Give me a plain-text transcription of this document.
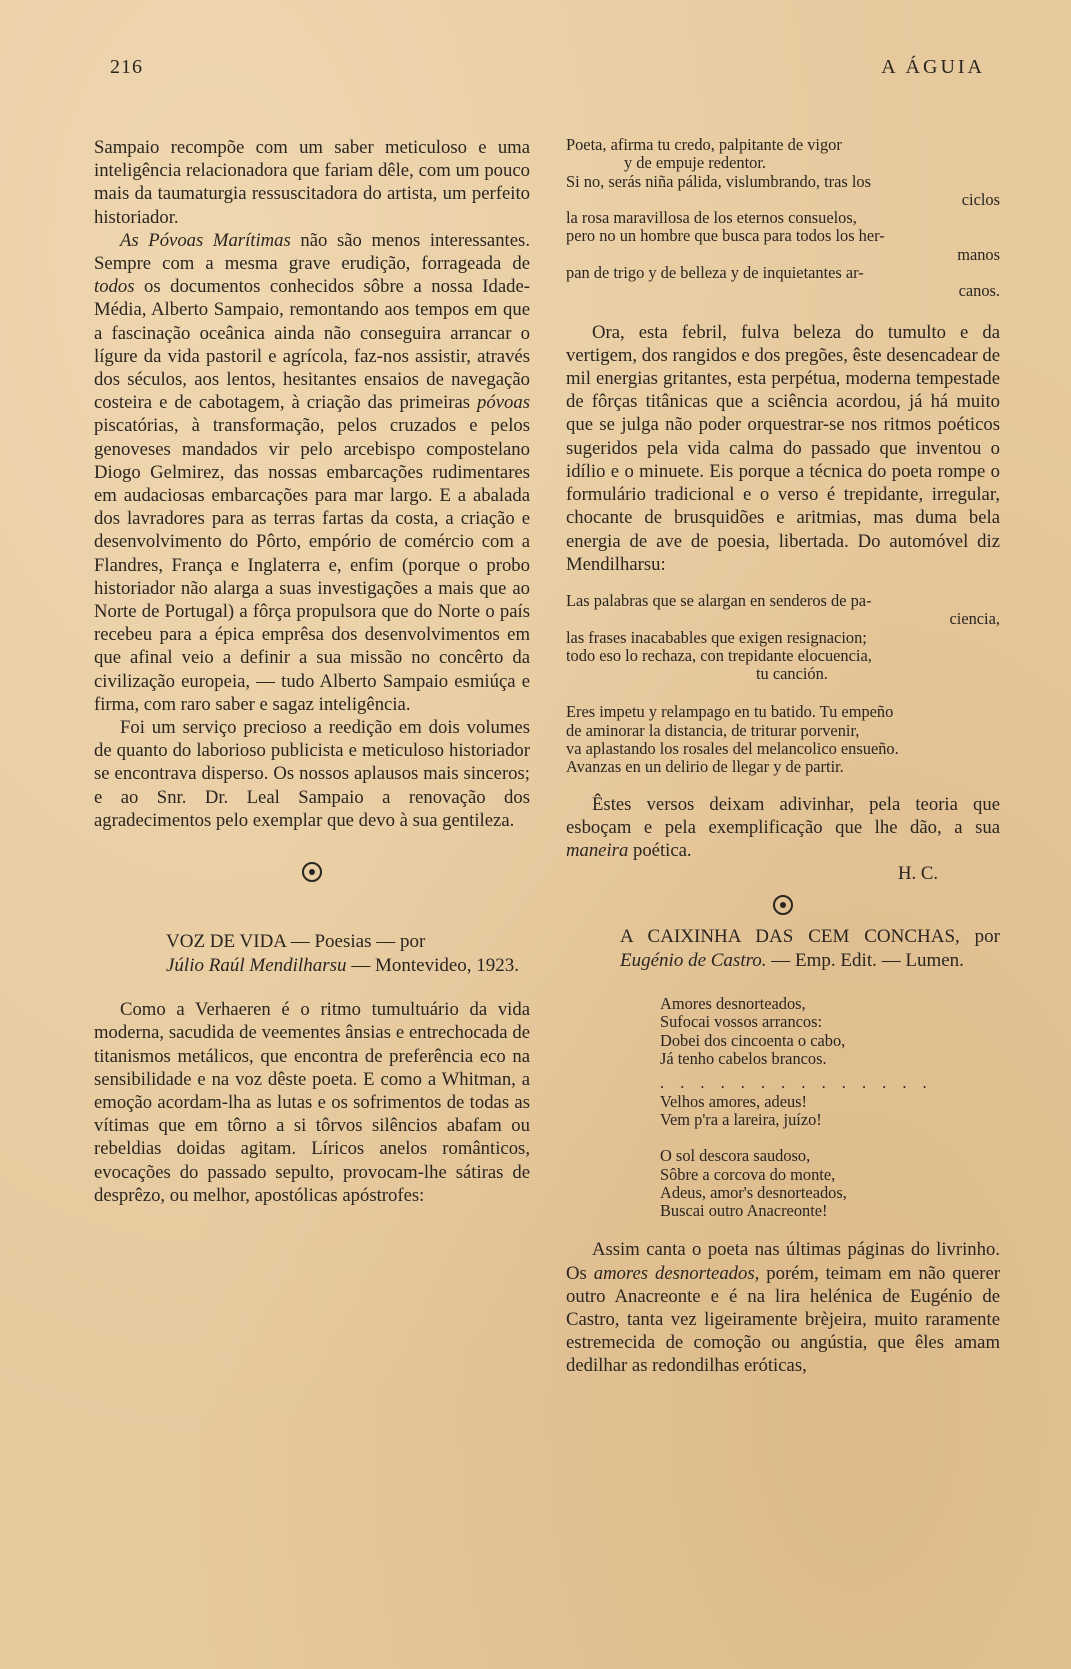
216	A ÁGUIA

Sampaio recompõe com um saber meticuloso e uma inteligência relacionadora que fariam dêle, com um pouco mais da taumaturgia ressuscitadora do artista, um perfeito historiador.

As Póvoas Marítimas não são menos interessantes. Sempre com a mesma grave erudição, forrageada de todos os documentos conhecidos sôbre a nossa Idade-Média, Alberto Sampaio, remontando aos tempos em que a fascinação oceânica ainda não conseguira arrancar o lígure da vida pastoril e agrícola, faz-nos assistir, através dos séculos, aos lentos, hesitantes ensaios de navegação costeira e de cabotagem, à criação das primeiras póvoas piscatórias, à transformação, pelos cruzados e pelos genoveses mandados vir pelo arcebispo compostelano Diogo Gelmirez, das nossas embarcações rudimentares em audaciosas embarcações para mar largo. E a abalada dos lavradores para as terras fartas da costa, a criação e desenvolvimento do Pôrto, empório de comércio com a Flandres, França e Inglaterra e, enfim (porque o probo historiador não alarga a suas investigações a mais que ao Norte de Portugal) a fôrça propulsora que do Norte o país recebeu para a épica emprêsa dos desenvolvimentos em que afinal veio a definir a sua missão no concêrto da civilização europeia, — tudo Alberto Sampaio esmiúça e firma, com raro saber e sagaz inteligência.

Foi um serviço precioso a reedição em dois volumes de quanto do laborioso publicista e meticuloso historiador se encontrava disperso. Os nossos aplausos mais sinceros; e ao Snr. Dr. Leal Sampaio a renovação dos agradecimentos pelo exemplar que devo à sua gentileza.

VOZ DE VIDA — Poesias — por

Júlio Raúl Mendilharsu — Montevideo, 1923.

Como a Verhaeren é o ritmo tumultuário da vida moderna, sacudida de veementes ânsias e entrechocada de titanismos metálicos, que encontra de preferência eco na sensibilidade e na voz dêste poeta. E como a Whitman, a emoção acordam-lha as lutas e os sofrimentos de todas as vítimas que em tôrno a si tôrvos silêncios abafam ou rebeldias doidas agitam. Líricos anelos românticos, evocações do passado sepulto, provocam-lhe sátiras de desprêzo, ou melhor, apostólicas apóstrofes:

Poeta, afirma tu credo, palpitante de vigor
y de empuje redentor.
Si no, serás niña pálida, vislumbrando, tras los
ciclos
la rosa maravillosa de los eternos consuelos,
pero no un hombre que busca para todos los her-
manos
pan de trigo y de belleza y de inquietantes ar-
canos.

Ora, esta febril, fulva beleza do tumulto e da vertigem, dos rangidos e dos pregões, êste desencadear de mil energias gritantes, esta perpétua, moderna tempestade de fôrças titânicas que a sciência acordou, já há muito que se julga não poder orquestrar-se nos ritmos poéticos sugeridos pela vida calma do passado que inventou o idílio e o minuete. Eis porque a técnica do poeta rompe o formulário tradicional e o verso é trepidante, irregular, chocante de brusquidões e aritmias, mas duma bela energia de ave de poesia, libertada. Do automóvel diz Mendilharsu:

Las palabras que se alargan en senderos de pa-
ciencia,
las frases inacabables que exigen resignacion;
todo eso lo rechaza, con trepidante elocuencia,
tu canción.
Eres impetu y relampago en tu batido. Tu empeño
de aminorar la distancia, de triturar porvenir,
va aplastando los rosales del melancolico ensueño.
Avanzas en un delirio de llegar y de partir.

Êstes versos deixam adivinhar, pela teoria que esboçam e pela exemplificação que lhe dão, a sua maneira poética.

H. C.

A CAIXINHA DAS CEM CONCHAS, por Eugénio de Castro. — Emp. Edit. — Lumen.

Amores desnorteados,
Sufocai vossos arrancos:
Dobei dos cincoenta o cabo,
Já tenho cabelos brancos.
. . . . . . . . . . . . . .
Velhos amores, adeus!
Vem p'ra a lareira, juízo!
O sol descora saudoso,
Sôbre a corcova do monte,
Adeus, amor's desnorteados,
Buscai outro Anacreonte!

Assim canta o poeta nas últimas páginas do livrinho. Os amores desnorteados, porém, teimam em não querer outro Anacreonte e é na lira helénica de Eugénio de Castro, tanta vez ligeiramente brèjeira, muito raramente estremecida de comoção ou angústia, que êles amam dedilhar as redondilhas eróticas,
